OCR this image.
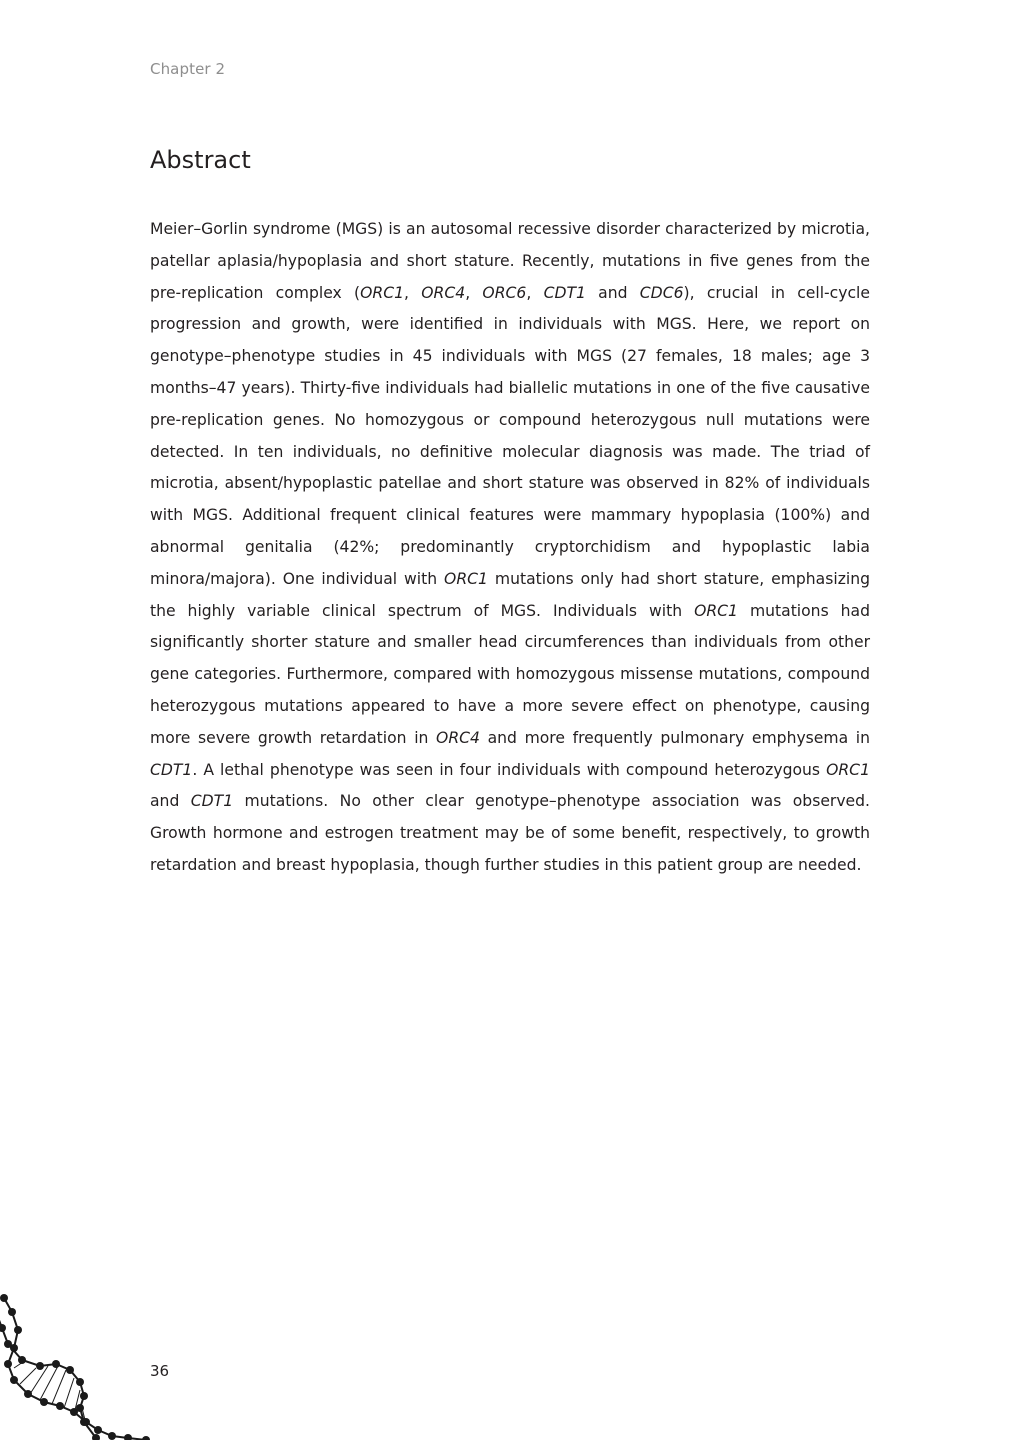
Chapter 2
Abstract

Meier–Gorlin syndrome (MGS) is an autosomal recessive disorder characterized by microtia, patellar aplasia/hypoplasia and short stature. Recently, mutations in five genes from the pre-replication complex (ORC1, ORC4, ORC6, CDT1 and CDC6), crucial in cell-cycle progression and growth, were identified in individuals with MGS. Here, we report on genotype–phenotype studies in 45 individuals with MGS (27 females, 18 males; age 3 months–47 years). Thirty-five individuals had biallelic mutations in one of the five causative pre-replication genes. No homozygous or compound heterozygous null mutations were detected. In ten individuals, no definitive molecular diagnosis was made. The triad of microtia, absent/hypoplastic patellae and short stature was observed in 82% of individuals with MGS. Additional frequent clinical features were mammary hypoplasia (100%) and abnormal genitalia (42%; predominantly cryptorchidism and hypoplastic labia minora/majora). One individual with ORC1 mutations only had short stature, emphasizing the highly variable clinical spectrum of MGS. Individuals with ORC1 mutations had significantly shorter stature and smaller head circumferences than individuals from other gene categories. Furthermore, compared with homozygous missense mutations, compound heterozygous mutations appeared to have a more severe effect on phenotype, causing more severe growth retardation in ORC4 and more frequently pulmonary emphysema in CDT1. A lethal phenotype was seen in four individuals with compound heterozygous ORC1 and CDT1 mutations. No other clear genotype–phenotype association was observed. Growth hormone and estrogen treatment may be of some benefit, respectively, to growth retardation and breast hypoplasia, though further studies in this patient group are needed.

36
